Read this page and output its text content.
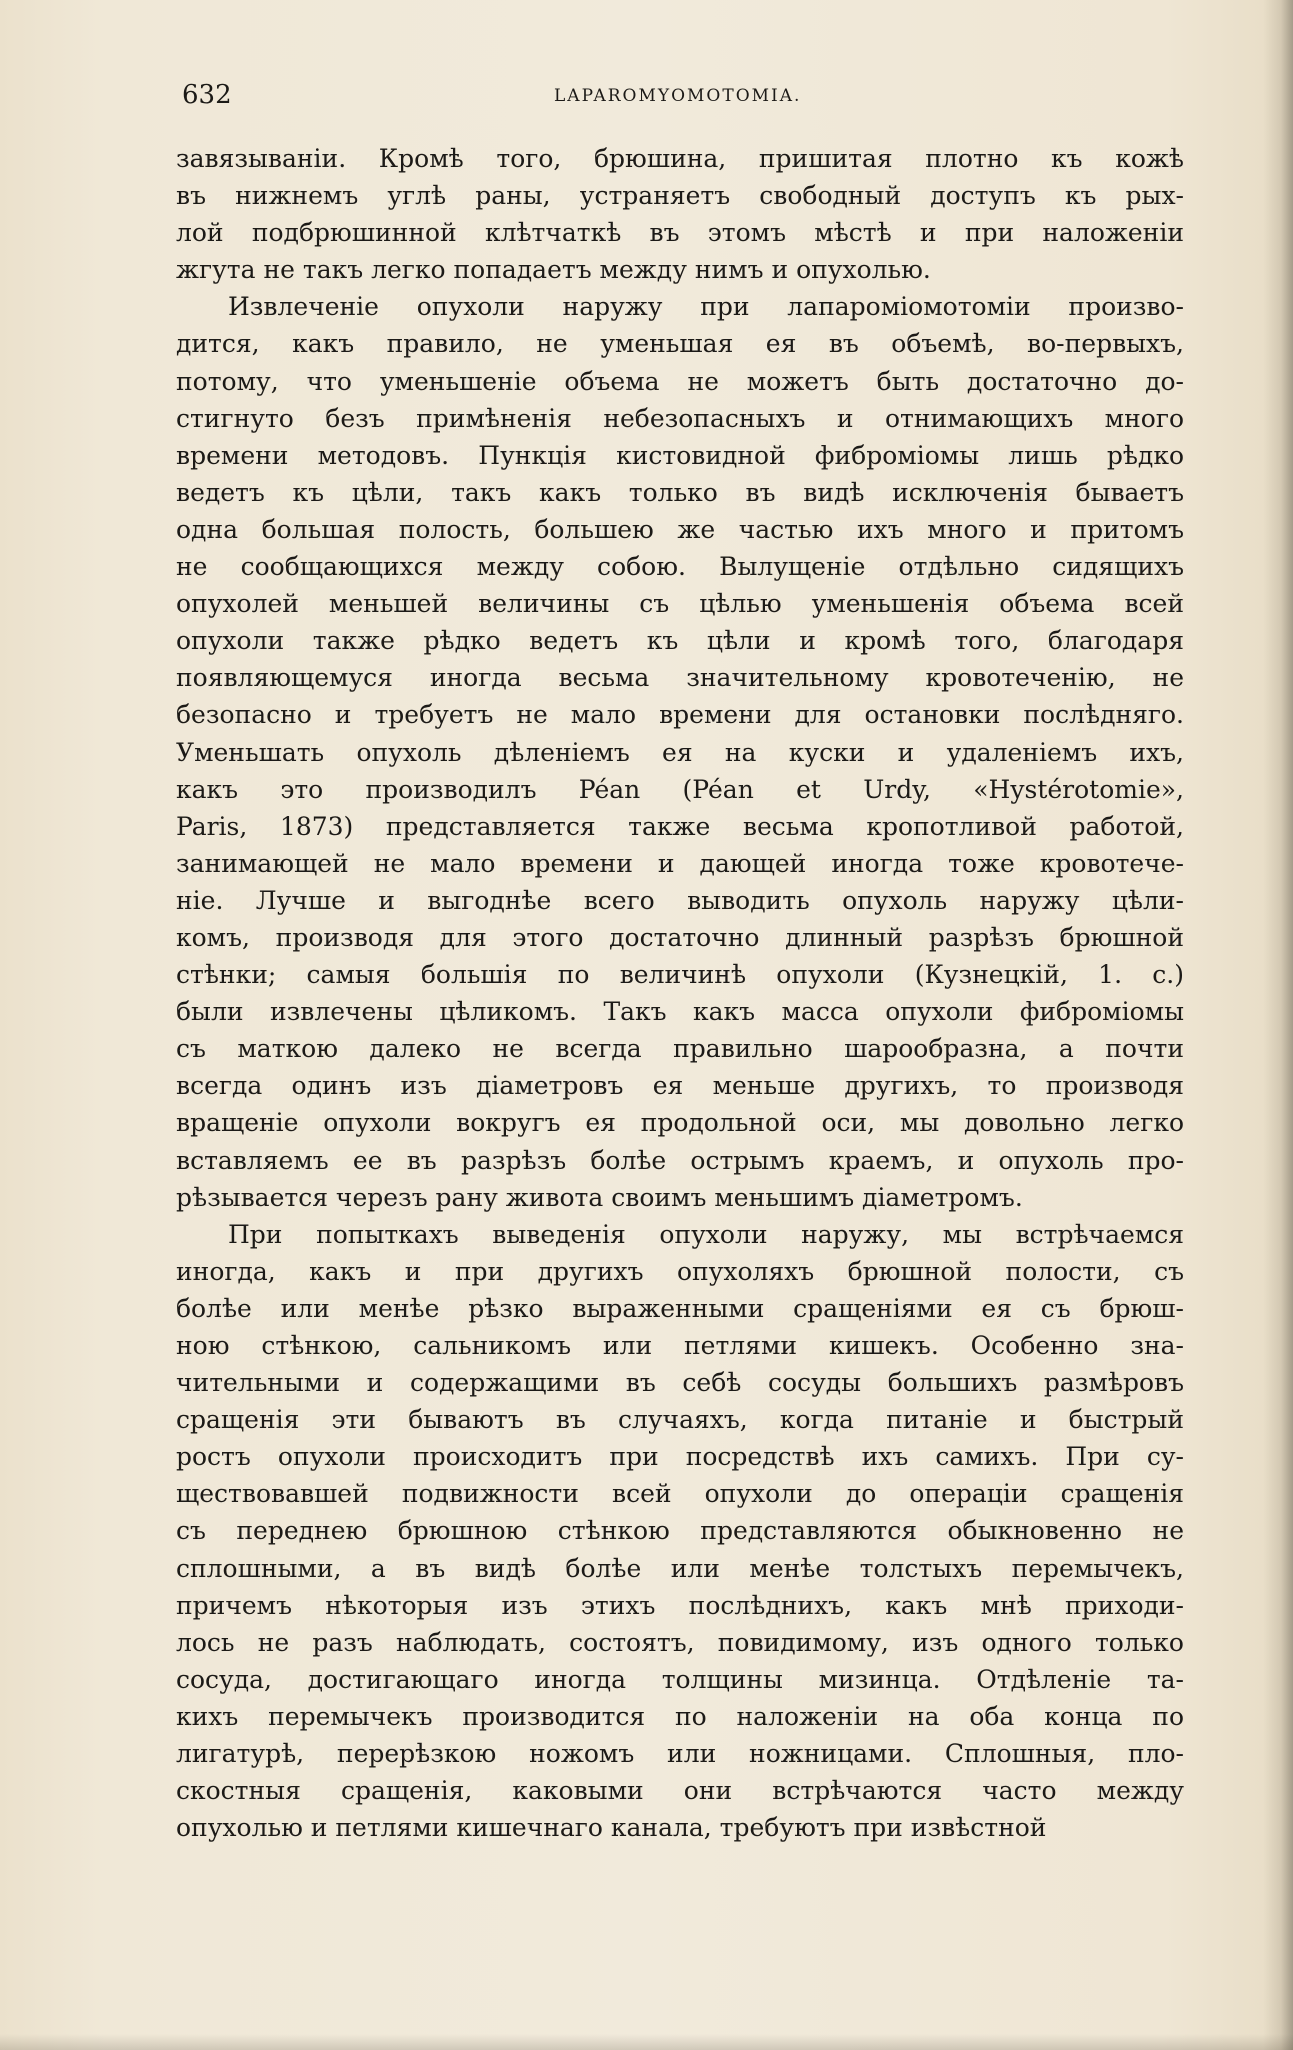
632	LAPAROMYOMOTOMIA.
завязываніи. Кромѣ того, брюшина, пришитая плотно къ кожѣ
въ нижнемъ углѣ раны, устраняетъ свободный доступъ къ рых-
лой подбрюшинной клѣтчаткѣ въ этомъ мѣстѣ и при наложеніи
жгута не такъ легко попадаетъ между нимъ и опухолью.
Извлеченіе опухоли наружу при лапароміомотоміи произво-
дится, какъ правило, не уменьшая ея въ объемѣ, во-первыхъ,
потому, что уменьшеніе объема не можетъ быть достаточно до-
стигнуто безъ примѣненія небезопасныхъ и отнимающихъ много
времени методовъ. Пункція кистовидной фиброміомы лишь рѣдко
ведетъ къ цѣли, такъ какъ только въ видѣ исключенія бываетъ
одна большая полость, большею же частью ихъ много и притомъ
не сообщающихся между собою. Вылущеніе отдѣльно сидящихъ
опухолей меньшей величины съ цѣлью уменьшенія объема всей
опухоли также рѣдко ведетъ къ цѣли и кромѣ того, благодаря
появляющемуся иногда весьма значительному кровотеченію, не
безопасно и требуетъ не мало времени для остановки послѣдняго.
Уменьшать опухоль дѣленіемъ ея на куски и удаленіемъ ихъ,
какъ это производилъ Péan (Péan et Urdy, «Hystérotomie»,
Paris, 1873) представляется также весьма кропотливой работой,
занимающей не мало времени и дающей иногда тоже кровотече-
ніе. Лучше и выгоднѣе всего выводить опухоль наружу цѣли-
комъ, производя для этого достаточно длинный разрѣзъ брюшной
стѣнки; самыя большія по величинѣ опухоли (Кузнецкій, 1. с.)
были извлечены цѣликомъ. Такъ какъ масса опухоли фиброміомы
съ маткою далеко не всегда правильно шарообразна, а почти
всегда одинъ изъ діаметровъ ея меньше другихъ, то производя
вращеніе опухоли вокругъ ея продольной оси, мы довольно легко
вставляемъ ее въ разрѣзъ болѣе острымъ краемъ, и опухоль про-
рѣзывается черезъ рану живота своимъ меньшимъ діаметромъ.
При попыткахъ выведенія опухоли наружу, мы встрѣчаемся
иногда, какъ и при другихъ опухоляхъ брюшной полости, съ
болѣе или менѣе рѣзко выраженными сращеніями ея съ брюш-
ною стѣнкою, сальникомъ или петлями кишекъ. Особенно зна-
чительными и содержащими въ себѣ сосуды большихъ размѣровъ
сращенія эти бываютъ въ случаяхъ, когда питаніе и быстрый
ростъ опухоли происходитъ при посредствѣ ихъ самихъ. При су-
ществовавшей подвижности всей опухоли до операціи сращенія
съ переднею брюшною стѣнкою представляются обыкновенно не
сплошными, а въ видѣ болѣе или менѣе толстыхъ перемычекъ,
причемъ нѣкоторыя изъ этихъ послѣднихъ, какъ мнѣ приходи-
лось не разъ наблюдать, состоятъ, повидимому, изъ одного только
сосуда, достигающаго иногда толщины мизинца. Отдѣленіе та-
кихъ перемычекъ производится по наложеніи на оба конца по
лигатурѣ, перерѣзкою ножомъ или ножницами. Сплошныя, пло-
скостныя сращенія, каковыми они встрѣчаются часто между
опухолью и петлями кишечнаго канала, требуютъ при извѣстной
